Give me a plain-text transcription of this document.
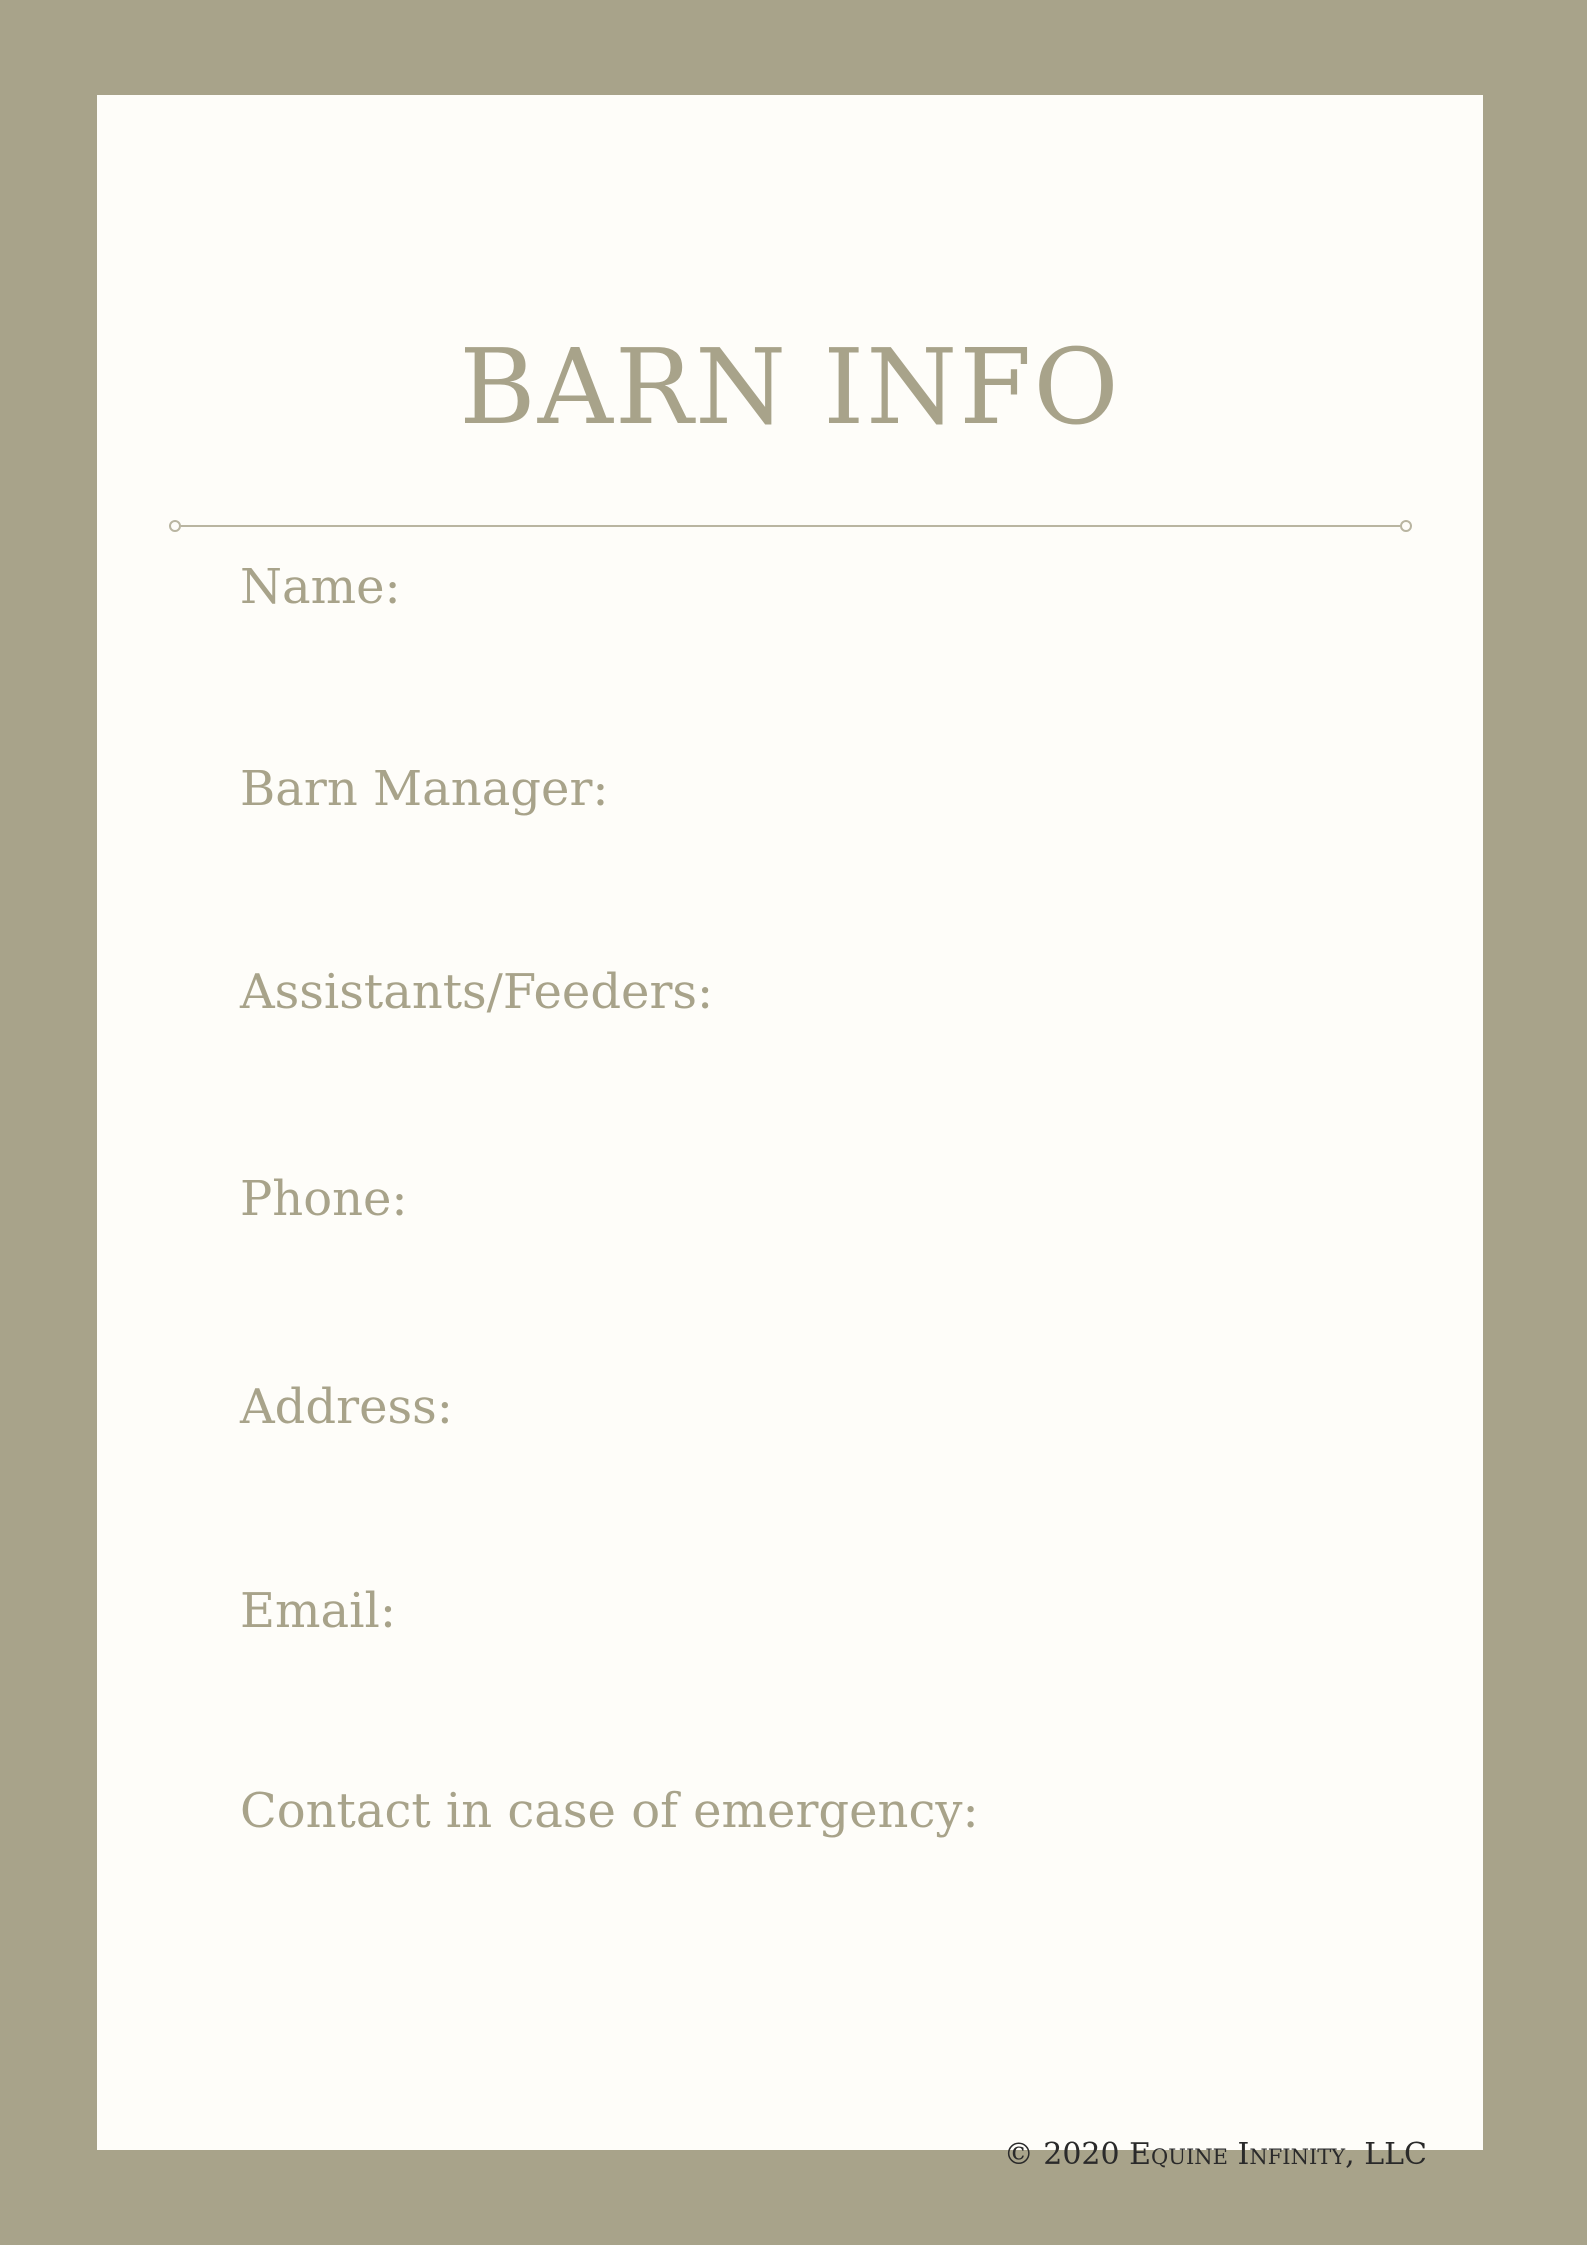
BARN INFO
Name:
Barn Manager:
Assistants/Feeders:
Phone:
Address:
Email:
Contact in case of emergency:
© 2020 Equine Infinity, LLC
